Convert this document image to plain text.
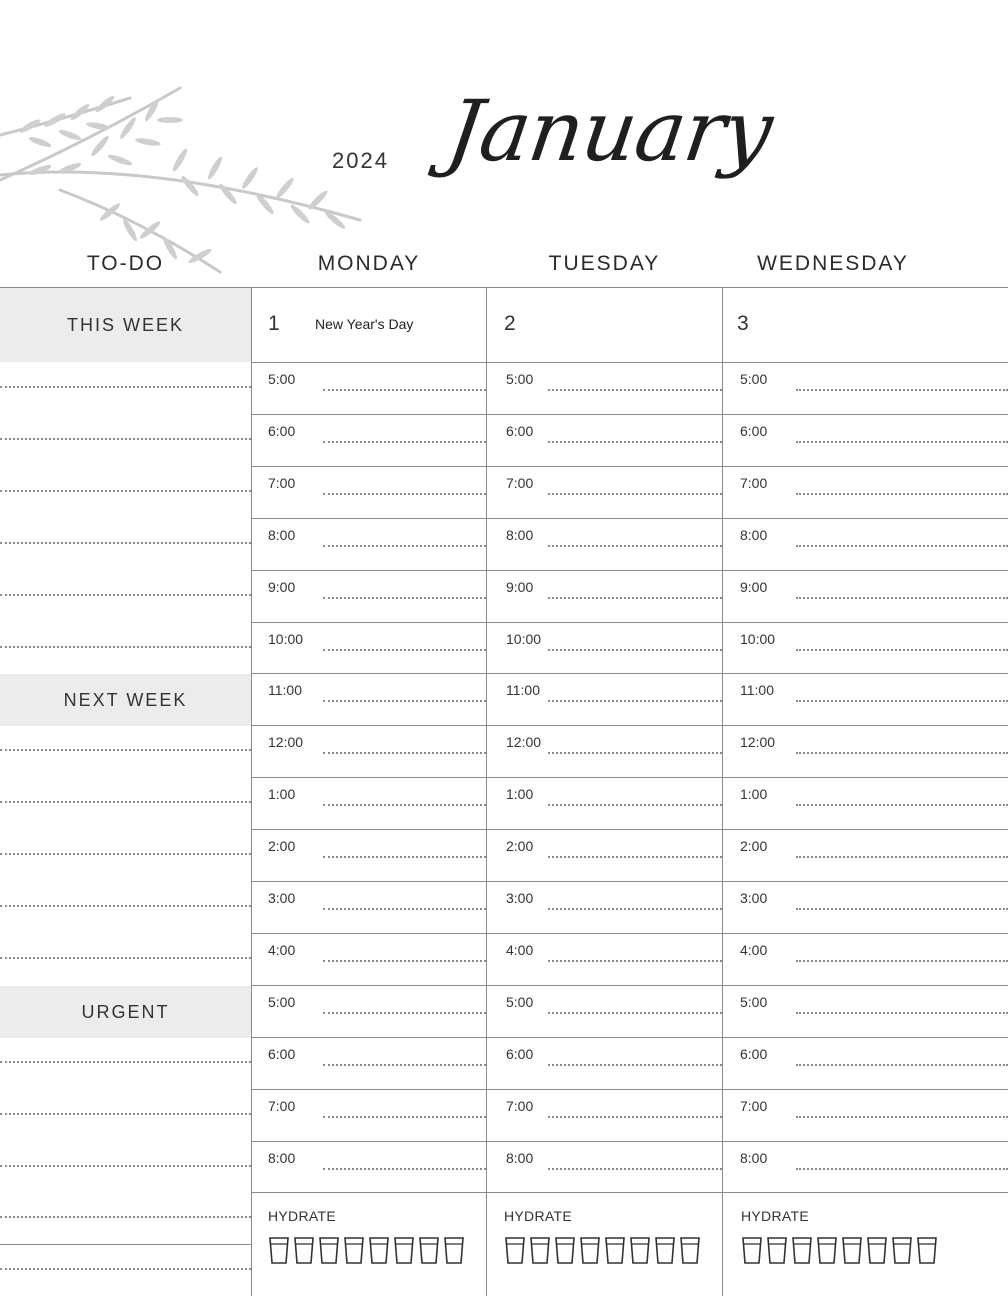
2024 January
TO-DO	MONDAY	TUESDAY	WEDNESDAY
THIS WEEK
NEXT WEEK
URGENT
1	New Year's Day	2	3
5:00	5:00	5:00
6:00	6:00	6:00
7:00	7:00	7:00
8:00	8:00	8:00
9:00	9:00	9:00
10:00	10:00	10:00
11:00	11:00	11:00
12:00	12:00	12:00
1:00	1:00	1:00
2:00	2:00	2:00
3:00	3:00	3:00
4:00	4:00	4:00
5:00	5:00	5:00
6:00	6:00	6:00
7:00	7:00	7:00
8:00	8:00	8:00
HYDRATE	HYDRATE	HYDRATE
